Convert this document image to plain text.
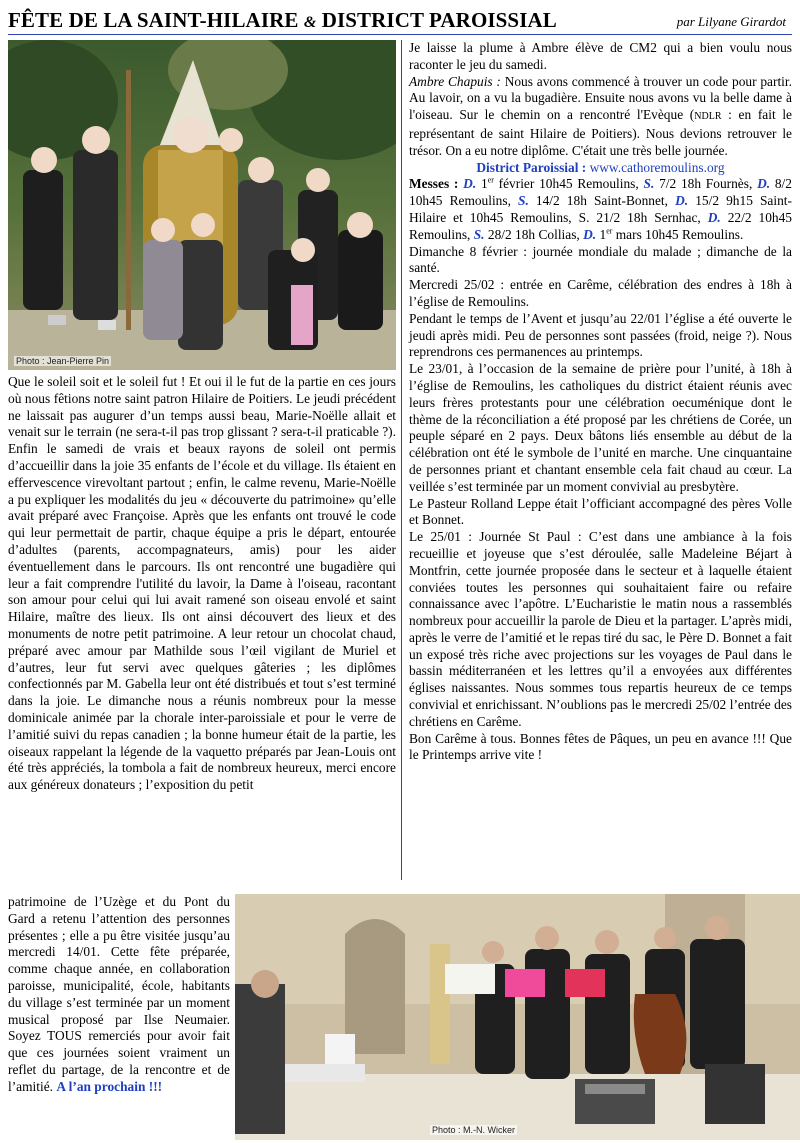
FÊTE DE LA SAINT-HILAIRE & DISTRICT PAROISSIAL	par Lilyane Girardot
Photo : Jean-Pierre Pin

Que le soleil soit et le soleil fut ! Et oui il le fut de la partie en ces jours où nous fêtions notre saint patron Hilaire de Poitiers. Le jeudi précédent ne laissait pas augurer d’un temps aussi beau, Marie-Noëlle allait et venait sur le terrain (ne sera-t-il pas trop glissant ? sera-t-il praticable ?). Enfin le samedi de vrais et beaux rayons de soleil ont permis d’accueillir dans la joie 35 enfants de l’école et du village. Ils étaient en effervescence virevoltant partout ; enfin, le calme revenu, Marie-Noëlle a pu expliquer les modalités du jeu « découverte du patrimoine» qu’elle avait préparé avec Françoise. Après que les enfants ont trouvé le code qui leur permettait de partir, chaque équipe a pris le départ, entourée d’adultes (parents, accompagnateurs, amis) pour les aider éventuellement dans le parcours. Ils ont rencontré une bugadière qui leur a fait comprendre l'utilité du lavoir, la Dame à l'oiseau, racontant son amour pour celui qui lui avait ramené son oiseau envolé et saint Hilaire, maître des lieux. Ils ont ainsi découvert des lieux et des monuments de notre petit patrimoine. A leur retour un chocolat chaud, préparé avec amour par Mathilde sous l’œil vigilant de Muriel et d’autres, leur fut servi avec quelques gâteries ; les diplômes confectionnés par M. Gabella leur ont été distribués et tout s’est terminé dans la joie. Le dimanche nous a réunis nombreux pour la messe dominicale animée par la chorale inter-paroissiale et pour le verre de l’amitié suivi du repas canadien ; la bonne humeur était de la partie, les oiseaux rappelant la légende de la vaquetto préparés par Jean-Louis ont été très appréciés, la tombola a fait de nombreux heureux, merci encore aux généreux donateurs ; l’exposition du petit

patrimoine de l’Uzège et du Pont du Gard a retenu l’attention des personnes présentes ; elle a pu être visitée jusqu’au mercredi 14/01. Cette fête préparée, comme chaque année, en collaboration paroisse, municipalité, école, habitants du village s’est terminée par un moment musical proposé par Ilse Neumaier. Soyez TOUS remerciés pour avoir fait que ces journées soient vraiment un reflet du partage, de la rencontre et de l’amitié. A l’an prochain !!!

Photo : M.-N. Wicker

Je laisse la plume à Ambre élève de CM2 qui a bien voulu nous raconter le jeu du samedi.

Ambre Chapuis : Nous avons commencé à trouver un code pour partir. Au lavoir, on a vu la bugadière. Ensuite nous avons vu la belle dame à l'oiseau. Sur le chemin on a rencontré l'Evèque (NDLR : en fait le représentant de saint Hilaire de Poitiers). Nous devions retrouver le trésor. On a eu notre diplôme. C'était une très belle journée.

District Paroissial : www.cathoremoulins.org

Messes : D. 1er février 10h45 Remoulins, S. 7/2 18h Fournès, D. 8/2 10h45 Remoulins, S. 14/2 18h Saint-Bonnet, D. 15/2 9h15 Saint-Hilaire et 10h45 Remoulins, S. 21/2 18h Sernhac, D. 22/2 10h45 Remoulins, S. 28/2 18h Collias, D. 1er mars 10h45 Remoulins.

Dimanche 8 février : journée mondiale du malade ; dimanche de la santé.

Mercredi 25/02 : entrée en Carême, célébration des endres à 18h à l’église de Remoulins.

Pendant le temps de l’Avent et jusqu’au 22/01 l’église a été ouverte le jeudi après midi. Peu de personnes sont passées (froid, neige ?). Nous reprendrons ces permanences au printemps.

Le 23/01, à l’occasion de la semaine de prière pour l’unité, à 18h à l’église de Remoulins, les catholiques du district étaient réunis avec leurs frères protestants pour une célébration oecuménique dont le thème de la réconciliation a été proposé par les chrétiens de Corée, un peuple séparé en 2 pays. Deux bâtons liés ensemble au début de la célébration ont été le symbole de l’unité en marche. Une cinquantaine de personnes priant et chantant ensemble cela fait chaud au cœur. La veillée s’est terminée par un moment convivial au presbytère.

Le Pasteur Rolland Leppe était l’officiant accompagné des pères Volle et Bonnet.

Le 25/01 : Journée St Paul : C’est dans une ambiance à la fois recueillie et joyeuse que s’est déroulée, salle Madeleine Béjart à Montfrin, cette journée proposée dans le secteur et à laquelle étaient conviées toutes les personnes qui souhaitaient faire ou refaire connaissance avec l’apôtre. L’Eucharistie le matin nous a rassemblés nombreux pour accueillir la parole de Dieu et la partager. L’après midi, après le verre de l’amitié et le repas tiré du sac, le Père D. Bonnet a fait un exposé très riche avec projections sur les voyages de Paul dans le bassin méditerranéen et les lettres qu’il a envoyées aux différentes églises naissantes. Nous sommes tous repartis heureux de ce temps convivial et enrichissant. N’oublions pas le mercredi 25/02 l’entrée des chrétiens en Carême.

Bon Carême à tous. Bonnes fêtes de Pâques, un peu en avance !!! Que le Printemps arrive vite !
